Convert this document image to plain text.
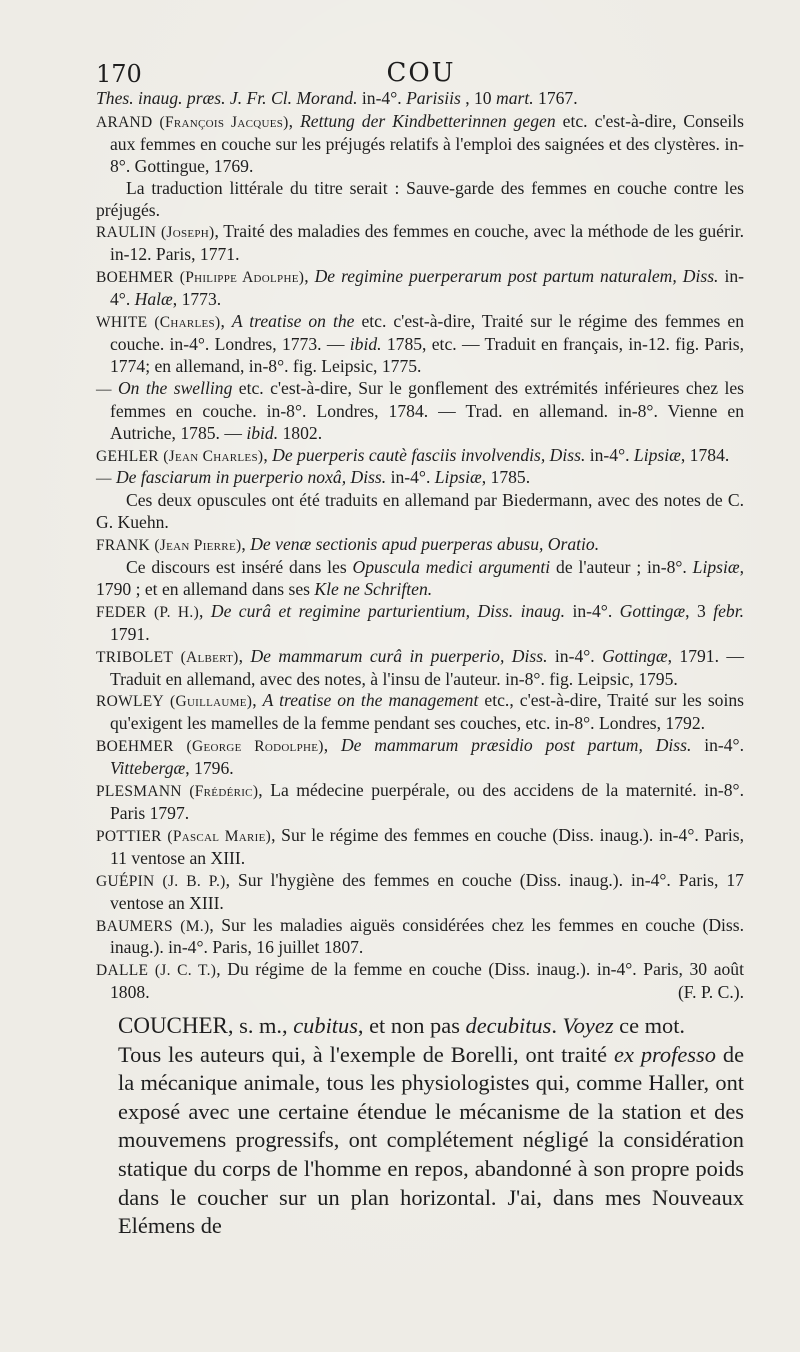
170	COU

Thes. inaug. præs. J. Fr. Cl. Morand. in-4°. Parisiis , 10 mart. 1767.

ARAND (François Jacques), Rettung der Kindbetterinnen gegen etc. c'est-à-dire, Conseils aux femmes en couche sur les préjugés relatifs à l'emploi des saignées et des clystères. in-8°. Gottingue, 1769.

La traduction littérale du titre serait : Sauve-garde des femmes en couche contre les préjugés.

RAULIN (Joseph), Traité des maladies des femmes en couche, avec la méthode de les guérir. in-12. Paris, 1771.

BOEHMER (Philippe Adolphe), De regimine puerperarum post partum naturalem, Diss. in-4°. Halæ, 1773.

WHITE (Charles), A treatise on the etc. c'est-à-dire, Traité sur le régime des femmes en couche. in-4°. Londres, 1773. — ibid. 1785, etc. — Traduit en français, in-12. fig. Paris, 1774; en allemand, in-8°. fig. Leipsic, 1775.

— On the swelling etc. c'est-à-dire, Sur le gonflement des extrémités inférieures chez les femmes en couche. in-8°. Londres, 1784. — Trad. en allemand. in-8°. Vienne en Autriche, 1785. — ibid. 1802.

GEHLER (Jean Charles), De puerperis cautè fasciis involvendis, Diss. in-4°. Lipsiæ, 1784.

— De fasciarum in puerperio noxâ, Diss. in-4°. Lipsiæ, 1785.

Ces deux opuscules ont été traduits en allemand par Biedermann, avec des notes de C. G. Kuehn.

FRANK (Jean Pierre), De venæ sectionis apud puerperas abusu, Oratio.

Ce discours est inséré dans les Opuscula medici argumenti de l'auteur ; in-8°. Lipsiæ, 1790 ; et en allemand dans ses Kle ne Schriften.

FEDER (P. H.), De curâ et regimine parturientium, Diss. inaug. in-4°. Gottingæ, 3 febr. 1791.

TRIBOLET (Albert), De mammarum curâ in puerperio, Diss. in-4°. Gottingæ, 1791. — Traduit en allemand, avec des notes, à l'insu de l'auteur. in-8°. fig. Leipsic, 1795.

ROWLEY (Guillaume), A treatise on the management etc., c'est-à-dire, Traité sur les soins qu'exigent les mamelles de la femme pendant ses couches, etc. in-8°. Londres, 1792.

BOEHMER (George Rodolphe), De mammarum præsidio post partum, Diss. in-4°. Vittebergæ, 1796.

PLESMANN (Frédéric), La médecine puerpérale, ou des accidens de la maternité. in-8°. Paris 1797.

POTTIER (Pascal Marie), Sur le régime des femmes en couche (Diss. inaug.). in-4°. Paris, 11 ventose an XIII.

GUÉPIN (J. B. P.), Sur l'hygiène des femmes en couche (Diss. inaug.). in-4°. Paris, 17 ventose an XIII.

BAUMERS (M.), Sur les maladies aiguës considérées chez les femmes en couche (Diss. inaug.). in-4°. Paris, 16 juillet 1807.

DALLE (J. C. T.), Du régime de la femme en couche (Diss. inaug.). in-4°. Paris, 30 août 1808.	(F. P. C.).

COUCHER, s. m., cubitus, et non pas decubitus. Voyez ce mot.

Tous les auteurs qui, à l'exemple de Borelli, ont traité ex professo de la mécanique animale, tous les physiologistes qui, comme Haller, ont exposé avec une certaine étendue le mécanisme de la station et des mouvemens progressifs, ont complétement négligé la considération statique du corps de l'homme en repos, abandonné à son propre poids dans le coucher sur un plan horizontal. J'ai, dans mes Nouveaux Elémens de
